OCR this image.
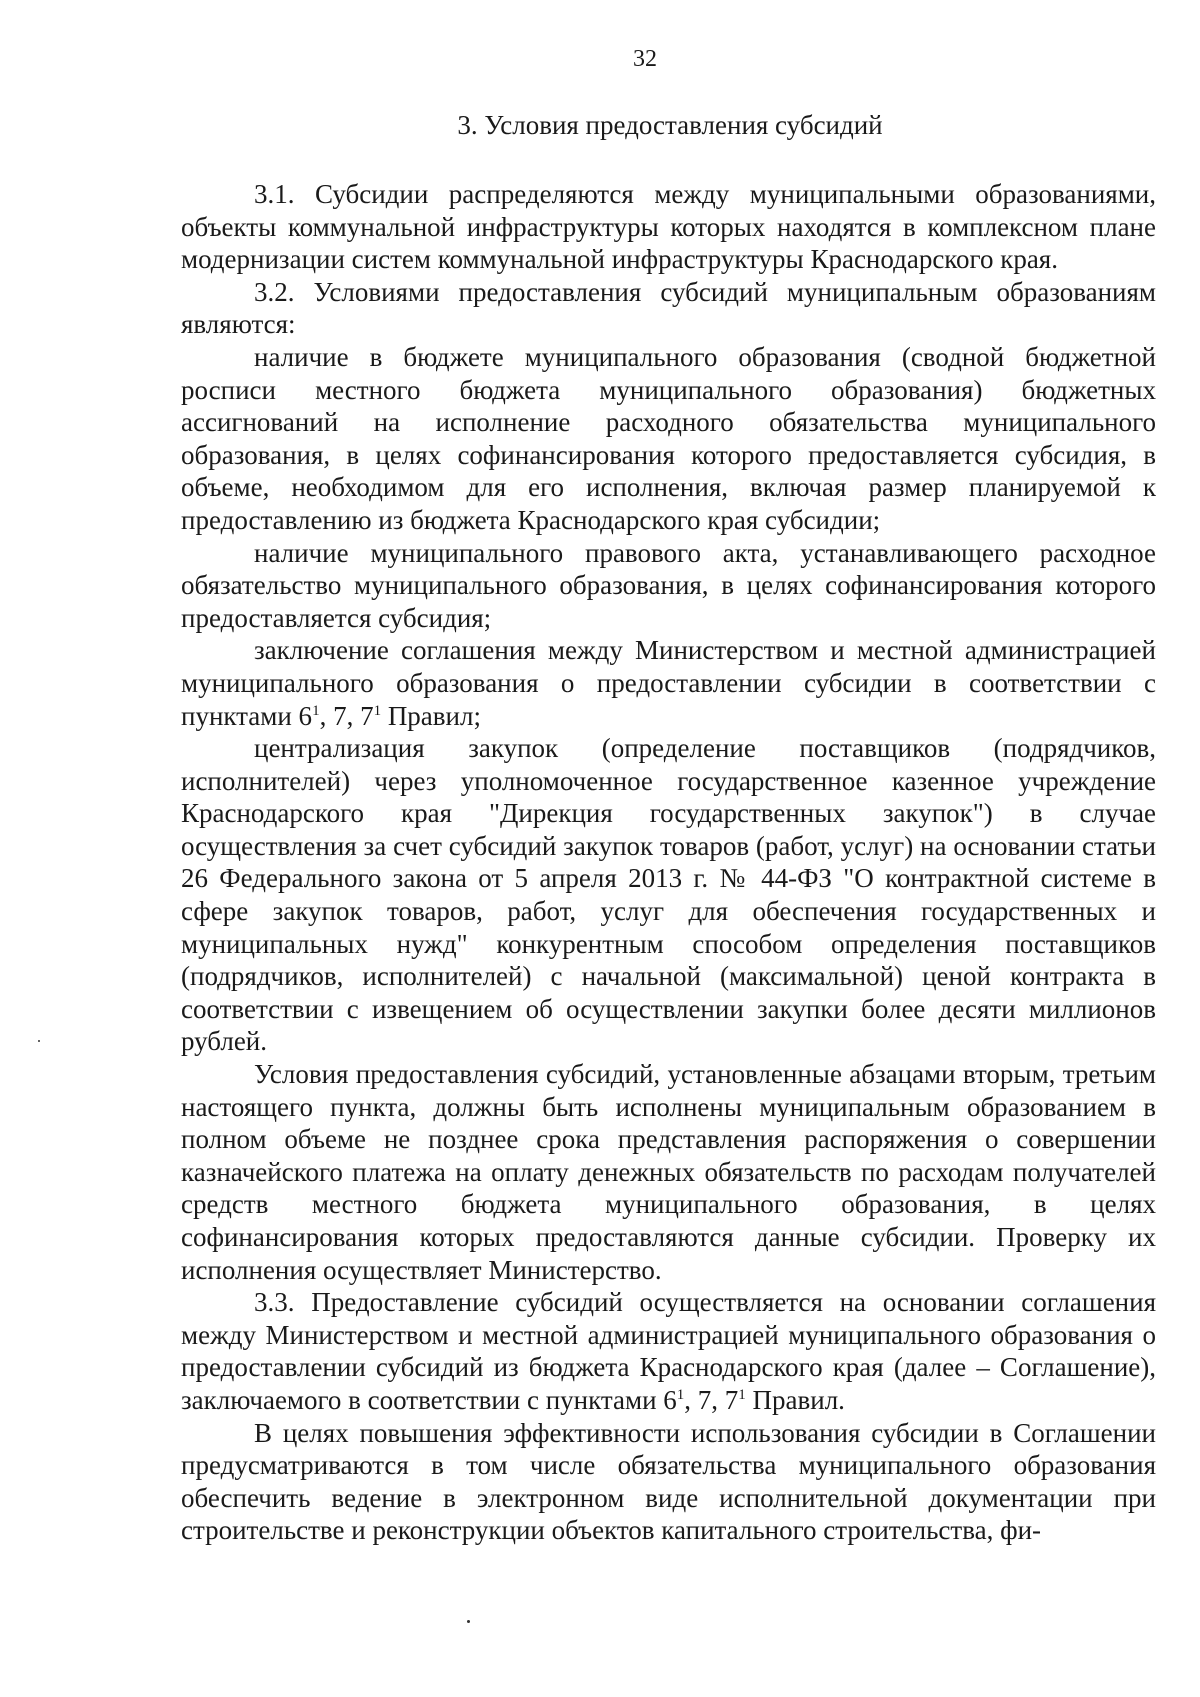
32
3. Условия предоставления субсидий

3.1. Субсидии распределяются между муниципальными образованиями, объекты коммунальной инфраструктуры которых находятся в комплексном плане модернизации систем коммунальной инфраструктуры Краснодарского края.

3.2. Условиями предоставления субсидий муниципальным образованиям являются:

наличие в бюджете муниципального образования (сводной бюджетной росписи местного бюджета муниципального образования) бюджетных ассигнований на исполнение расходного обязательства муниципального образования, в целях софинансирования которого предоставляется субсидия, в объеме, необходимом для его исполнения, включая размер планируемой к предоставлению из бюджета Краснодарского края субсидии;

наличие муниципального правового акта, устанавливающего расходное обязательство муниципального образования, в целях софинансирования которого предоставляется субсидия;

заключение соглашения между Министерством и местной администрацией муниципального образования о предоставлении субсидии в соответствии с пунктами $6^1$, 7, $7^1$ Правил;

централизация закупок (определение поставщиков (подрядчиков, исполнителей) через уполномоченное государственное казенное учреждение Краснодарского края "Дирекция государственных закупок") в случае осуществления за счет субсидий закупок товаров (работ, услуг) на основании статьи 26 Федерального закона от 5 апреля 2013 г. № 44-ФЗ "О контрактной системе в сфере закупок товаров, работ, услуг для обеспечения государственных и муниципальных нужд" конкурентным способом определения поставщиков (подрядчиков, исполнителей) с начальной (максимальной) ценой контракта в соответствии с извещением об осуществлении закупки более десяти миллионов рублей.

Условия предоставления субсидий, установленные абзацами вторым, третьим настоящего пункта, должны быть исполнены муниципальным образованием в полном объеме не позднее срока представления распоряжения о совершении казначейского платежа на оплату денежных обязательств по расходам получателей средств местного бюджета муниципального образования, в целях софинансирования которых предоставляются данные субсидии. Проверку их исполнения осуществляет Министерство.

3.3. Предоставление субсидий осуществляется на основании соглашения между Министерством и местной администрацией муниципального образования о предоставлении субсидий из бюджета Краснодарского края (далее – Соглашение), заключаемого в соответствии с пунктами $6^1$, 7, $7^1$ Правил.

В целях повышения эффективности использования субсидии в Соглашении предусматриваются в том числе обязательства муниципального образования обеспечить ведение в электронном виде исполнительной документации при строительстве и реконструкции объектов капитального строительства, фи-
